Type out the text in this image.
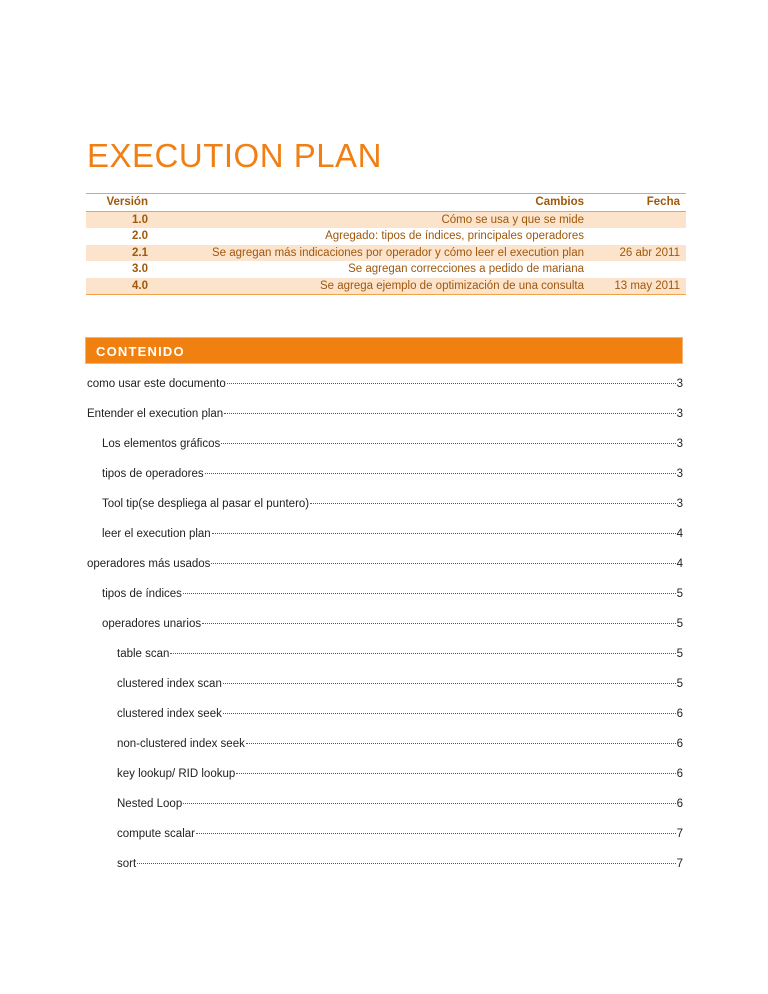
EXECUTION PLAN
Versión	Cambios	Fecha
1.0	Cómo se usa y que se mide	
2.0	Agregado: tipos de índices, principales operadores	
2.1	Se agregan más indicaciones por operador y cómo leer el execution plan	26 abr 2011
3.0	Se agregan correcciones a pedido de mariana	
4.0	Se agrega ejemplo de optimización de una consulta	13 may 2011
CONTENIDO
como usar este documento	3
Entender el execution plan	3
Los elementos gráficos	3
tipos de operadores	3
Tool tip(se despliega al pasar el puntero)	3
leer el execution plan	4
operadores más usados	4
tipos de índices	5
operadores unarios	5
table scan	5
clustered index scan	5
clustered index seek	6
non-clustered index seek	6
key lookup/ RID lookup	6
Nested Loop	6
compute scalar	7
sort	7
